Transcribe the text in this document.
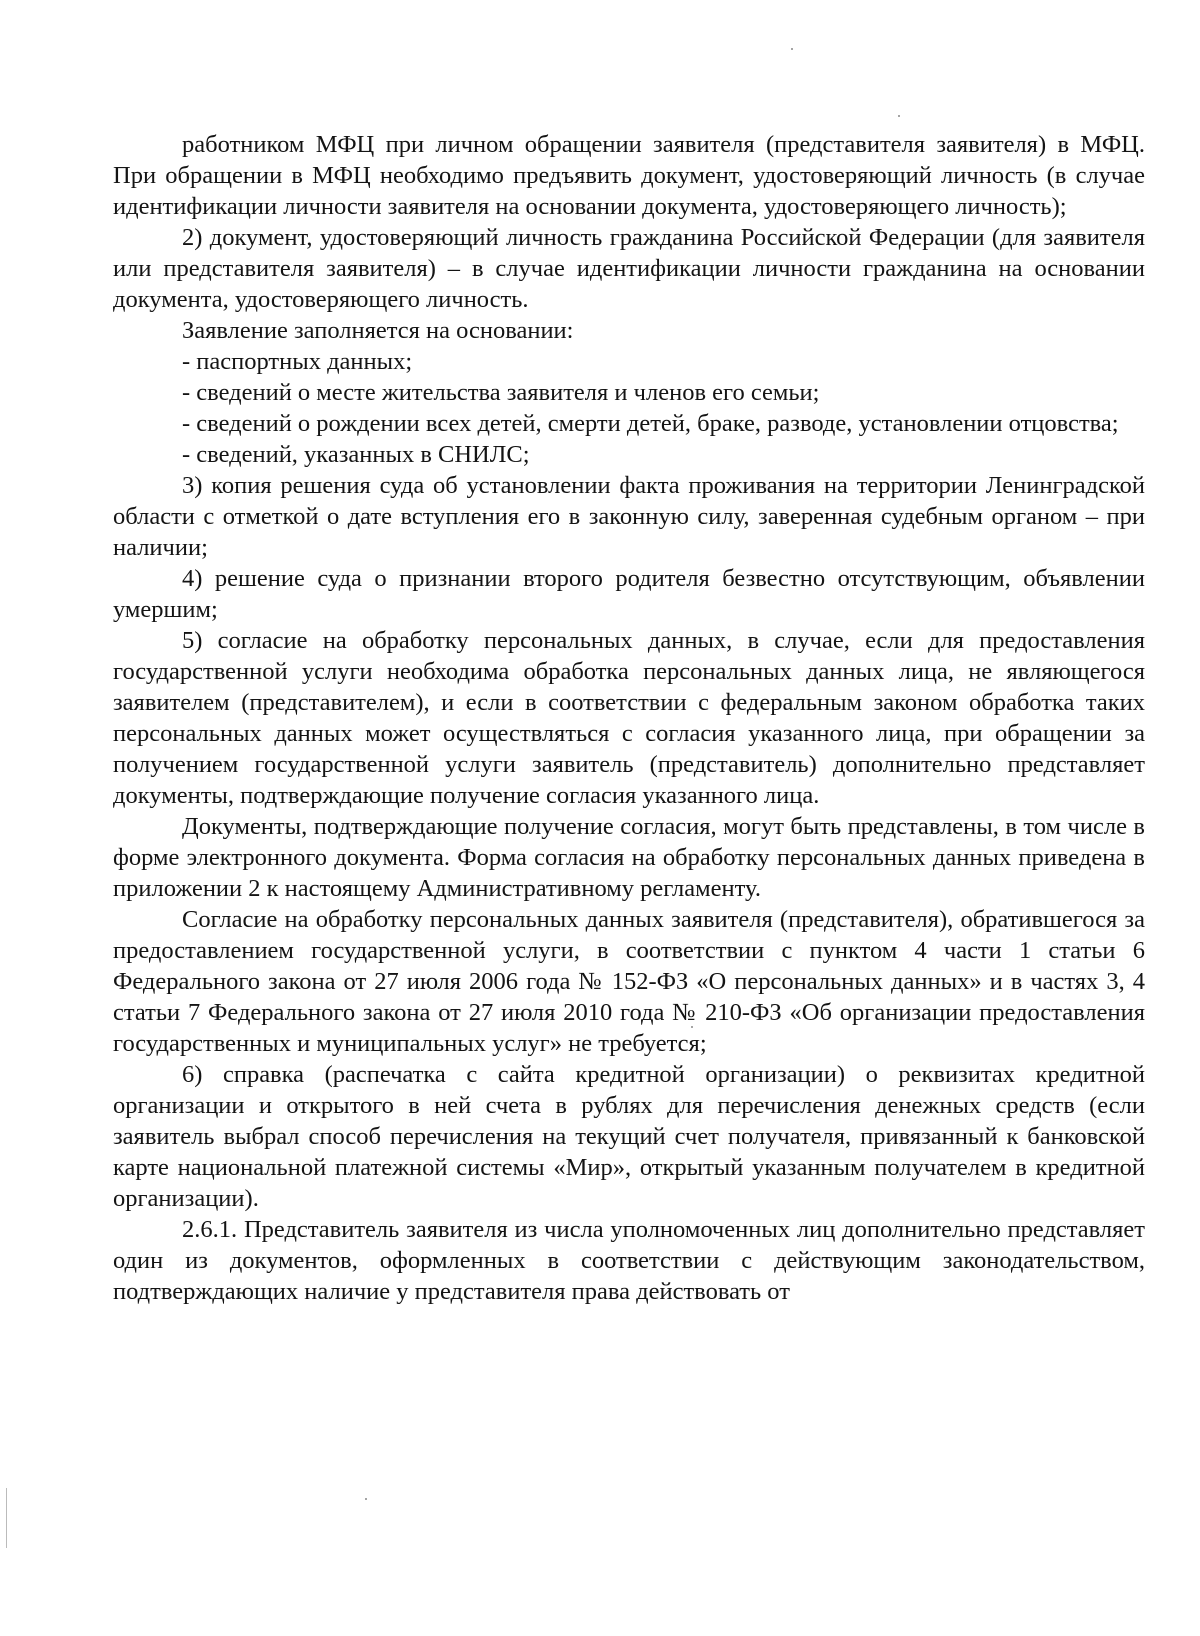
работником МФЦ при личном обращении заявителя (представителя заявителя) в МФЦ. При обращении в МФЦ необходимо предъявить документ, удостоверяющий личность (в случае идентификации личности заявителя на основании документа, удостоверяющего личность);

2) документ, удостоверяющий личность гражданина Российской Федерации (для заявителя или представителя заявителя) – в случае идентификации личности гражданина на основании документа, удостоверяющего личность.

Заявление заполняется на основании:

- паспортных данных;

- сведений о месте жительства заявителя и членов его семьи;

- сведений о рождении всех детей, смерти детей, браке, разводе, установлении отцовства;

- сведений, указанных в СНИЛС;

3) копия решения суда об установлении факта проживания на территории Ленинградской области с отметкой о дате вступления его в законную силу, заверенная судебным органом – при наличии;

4) решение суда о признании второго родителя безвестно отсутствующим, объявлении умершим;

5) согласие на обработку персональных данных, в случае, если для предоставления государственной услуги необходима обработка персональных данных лица, не являющегося заявителем (представителем), и если в соответствии с федеральным законом обработка таких персональных данных может осуществляться с согласия указанного лица, при обращении за получением государственной услуги заявитель (представитель) дополнительно представляет документы, подтверждающие получение согласия указанного лица.

Документы, подтверждающие получение согласия, могут быть представлены, в том числе в форме электронного документа. Форма согласия на обработку персональных данных приведена в приложении 2 к настоящему Административному регламенту.

Согласие на обработку персональных данных заявителя (представителя), обратившегося за предоставлением государственной услуги, в соответствии с пунктом 4 части 1 статьи 6 Федерального закона от 27 июля 2006 года № 152-ФЗ «О персональных данных» и в частях 3, 4 статьи 7 Федерального закона от 27 июля 2010 года № 210-ФЗ «Об организации предоставления государственных и муниципальных услуг» не требуется;

6) справка (распечатка с сайта кредитной организации) о реквизитах кредитной организации и открытого в ней счета в рублях для перечисления денежных средств (если заявитель выбрал способ перечисления на текущий счет получателя, привязанный к банковской карте национальной платежной системы «Мир», открытый указанным получателем в кредитной организации).

2.6.1. Представитель заявителя из числа уполномоченных лиц дополнительно представляет один из документов, оформленных в соответствии с действующим законодательством, подтверждающих наличие у представителя права действовать от
